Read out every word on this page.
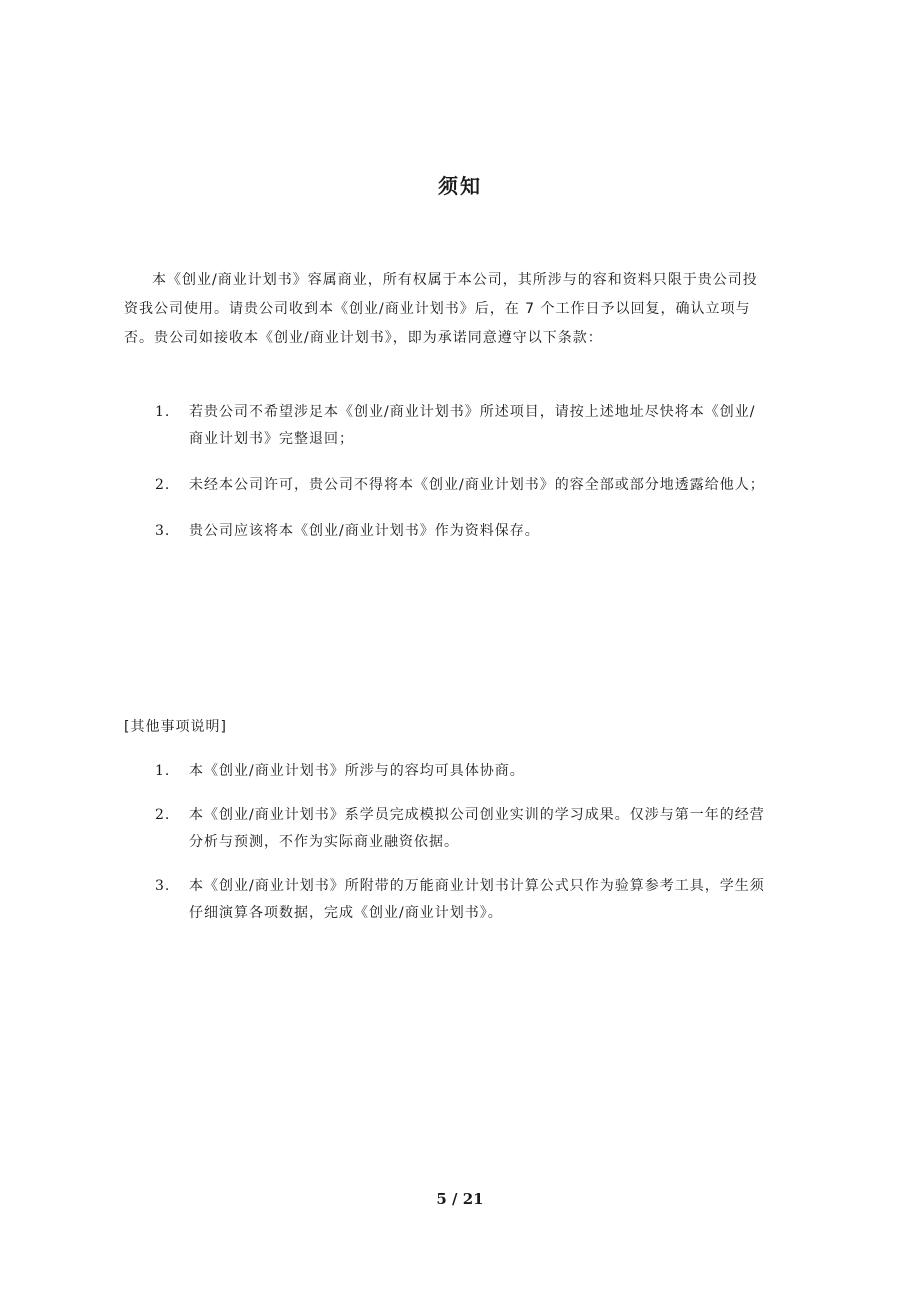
须知

本《创业/商业计划书》容属商业，所有权属于本公司，其所涉与的容和资料只限于贵公司投资我公司使用。请贵公司收到本《创业/商业计划书》后，在 7 个工作日予以回复，确认立项与否。贵公司如接收本《创业/商业计划书》，即为承诺同意遵守以下条款：

1. 若贵公司不希望涉足本《创业/商业计划书》所述项目，请按上述地址尽快将本《创业/商业计划书》完整退回；
2. 未经本公司许可，贵公司不得将本《创业/商业计划书》的容全部或部分地透露给他人；
3. 贵公司应该将本《创业/商业计划书》作为资料保存。
[其他事项说明]
1. 本《创业/商业计划书》所涉与的容均可具体协商。
2. 本《创业/商业计划书》系学员完成模拟公司创业实训的学习成果。仅涉与第一年的经营分析与预测，不作为实际商业融资依据。
3. 本《创业/商业计划书》所附带的万能商业计划书计算公式只作为验算参考工具，学生须仔细演算各项数据，完成《创业/商业计划书》。
5 / 21
